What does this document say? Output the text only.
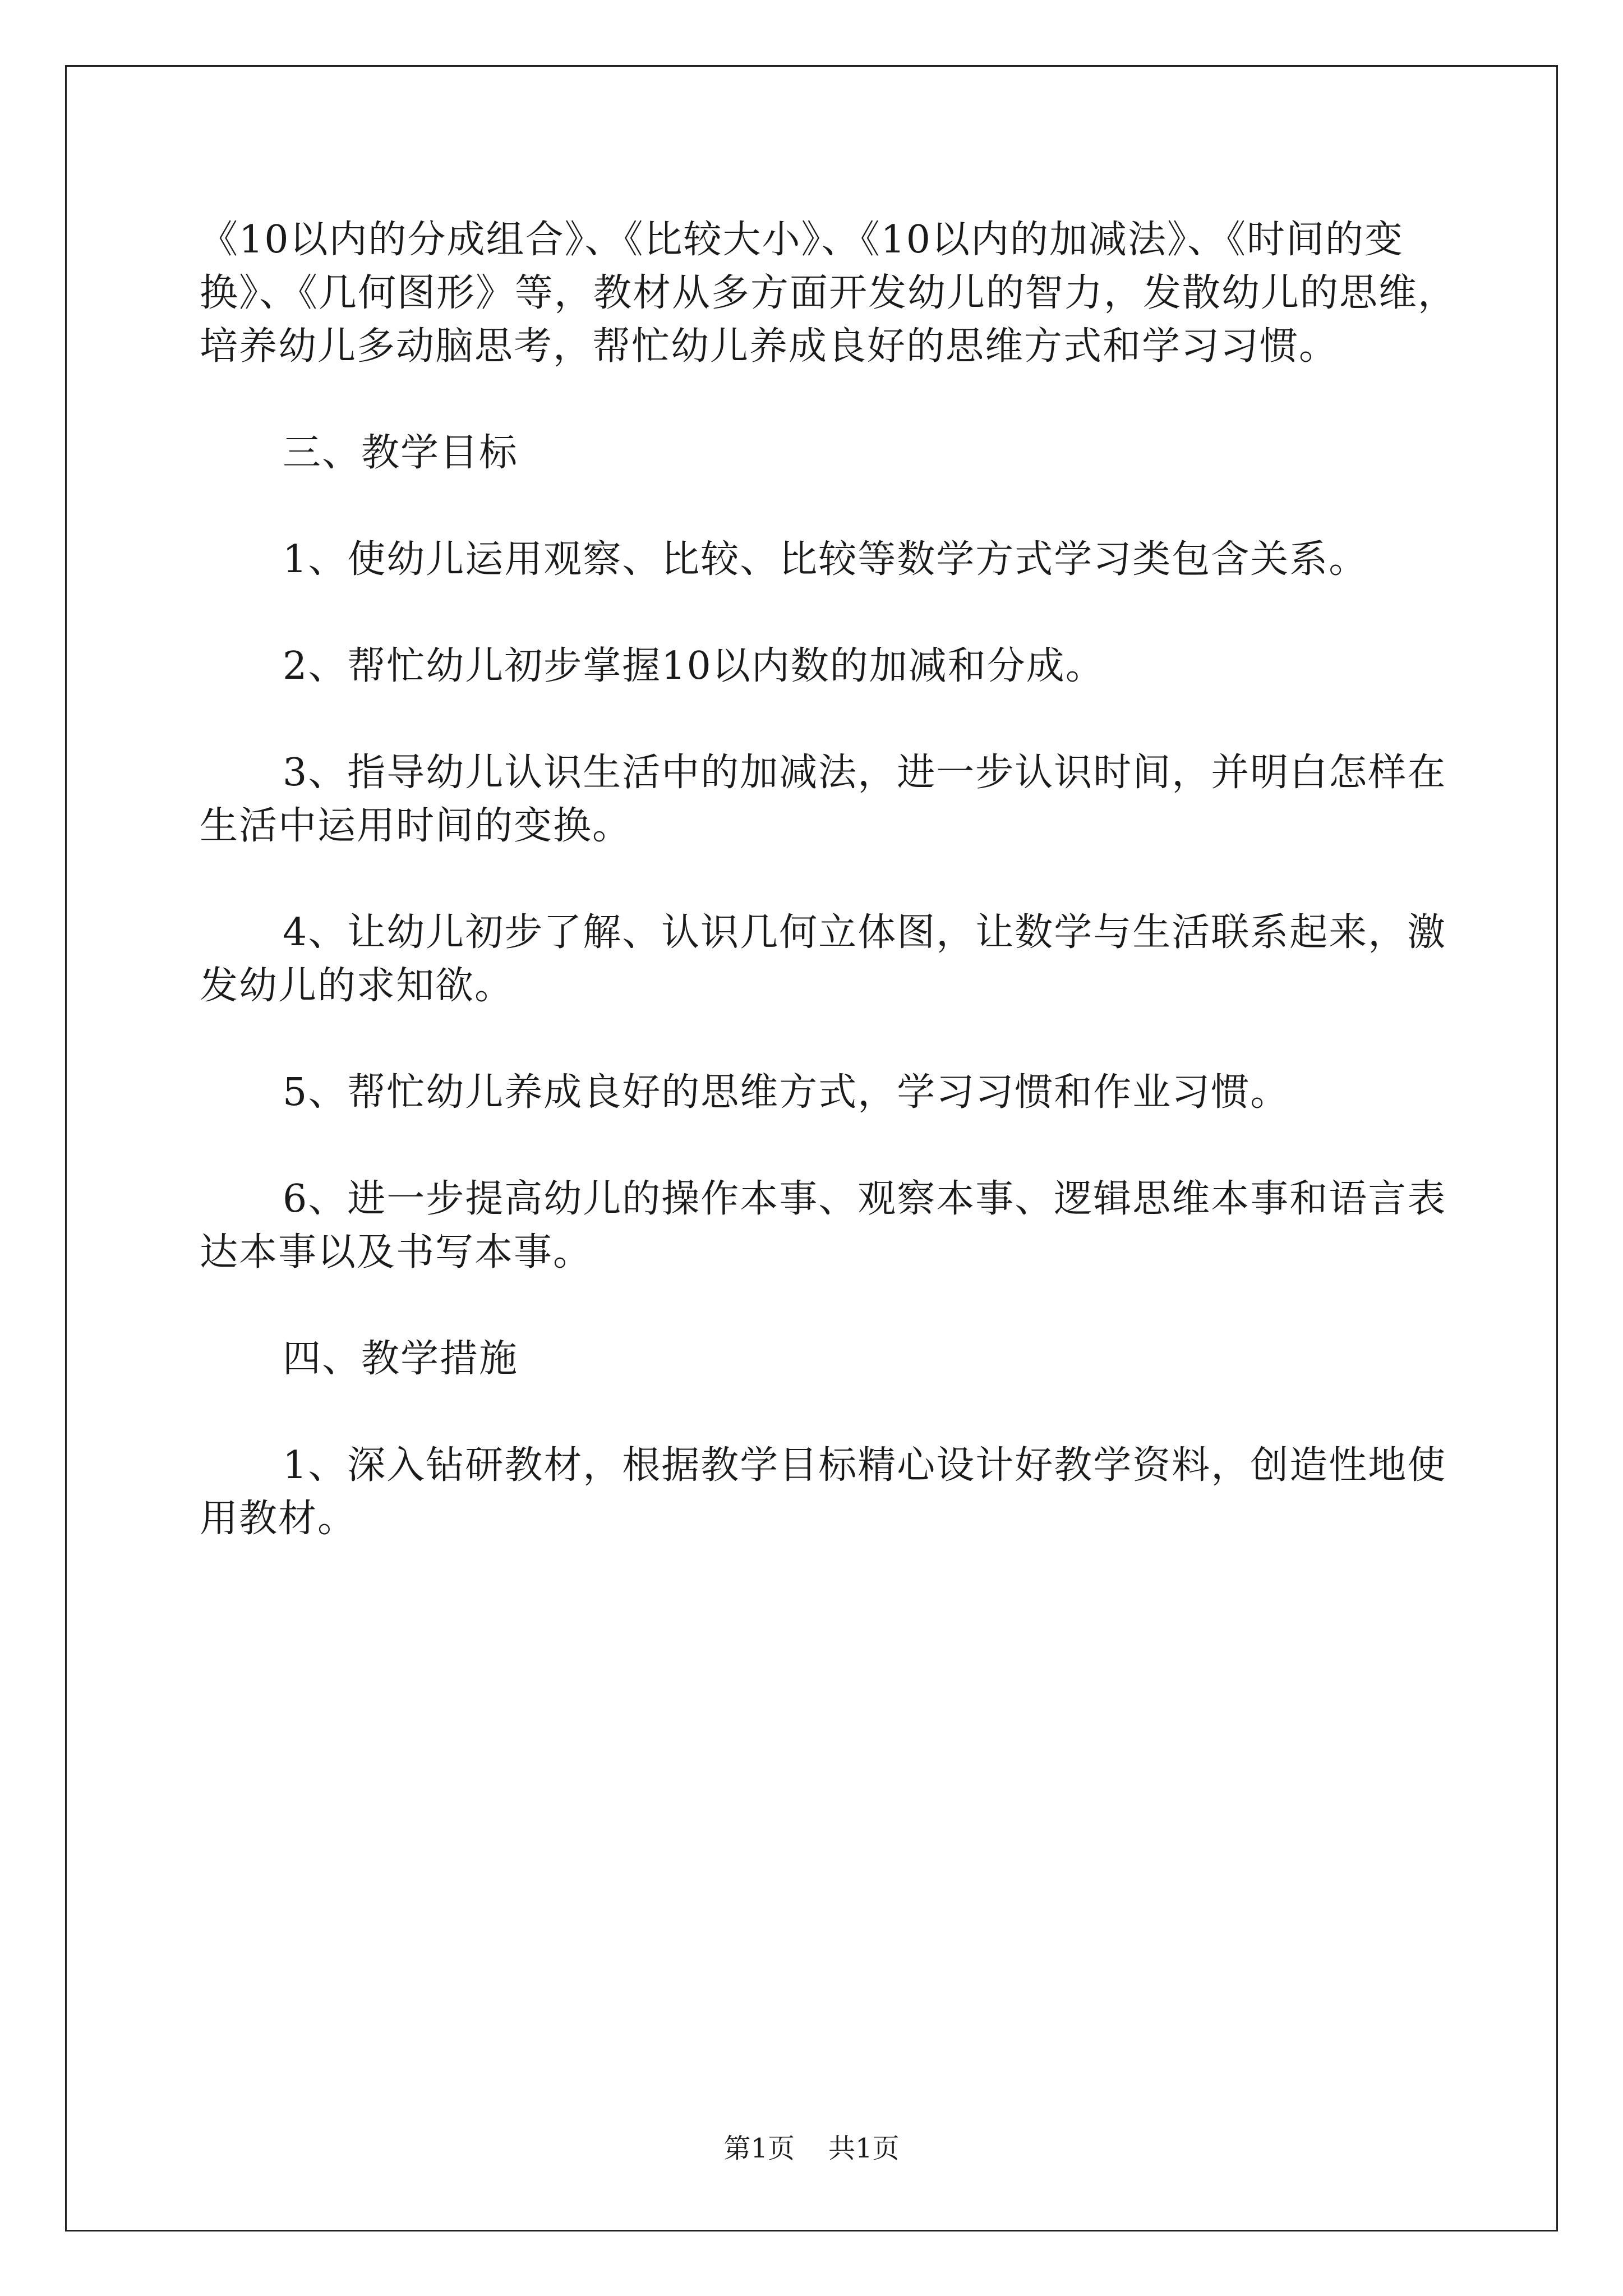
《10以内的分成组合》、《比较大小》、《10以内的加减法》、《时间的变换》、《几何图形》等，教材从多方面开发幼儿的智力，发散幼儿的思维，培养幼儿多动脑思考，帮忙幼儿养成良好的思维方式和学习习惯。

三、教学目标

1、使幼儿运用观察、比较、比较等数学方式学习类包含关系。

2、帮忙幼儿初步掌握10以内数的加减和分成。

3、指导幼儿认识生活中的加减法，进一步认识时间，并明白怎样在生活中运用时间的变换。

4、让幼儿初步了解、认识几何立体图，让数学与生活联系起来，激发幼儿的求知欲。

5、帮忙幼儿养成良好的思维方式，学习习惯和作业习惯。

6、进一步提高幼儿的操作本事、观察本事、逻辑思维本事和语言表达本事以及书写本事。

四、教学措施

1、深入钻研教材，根据教学目标精心设计好教学资料，创造性地使用教材。

第1页 共1页
